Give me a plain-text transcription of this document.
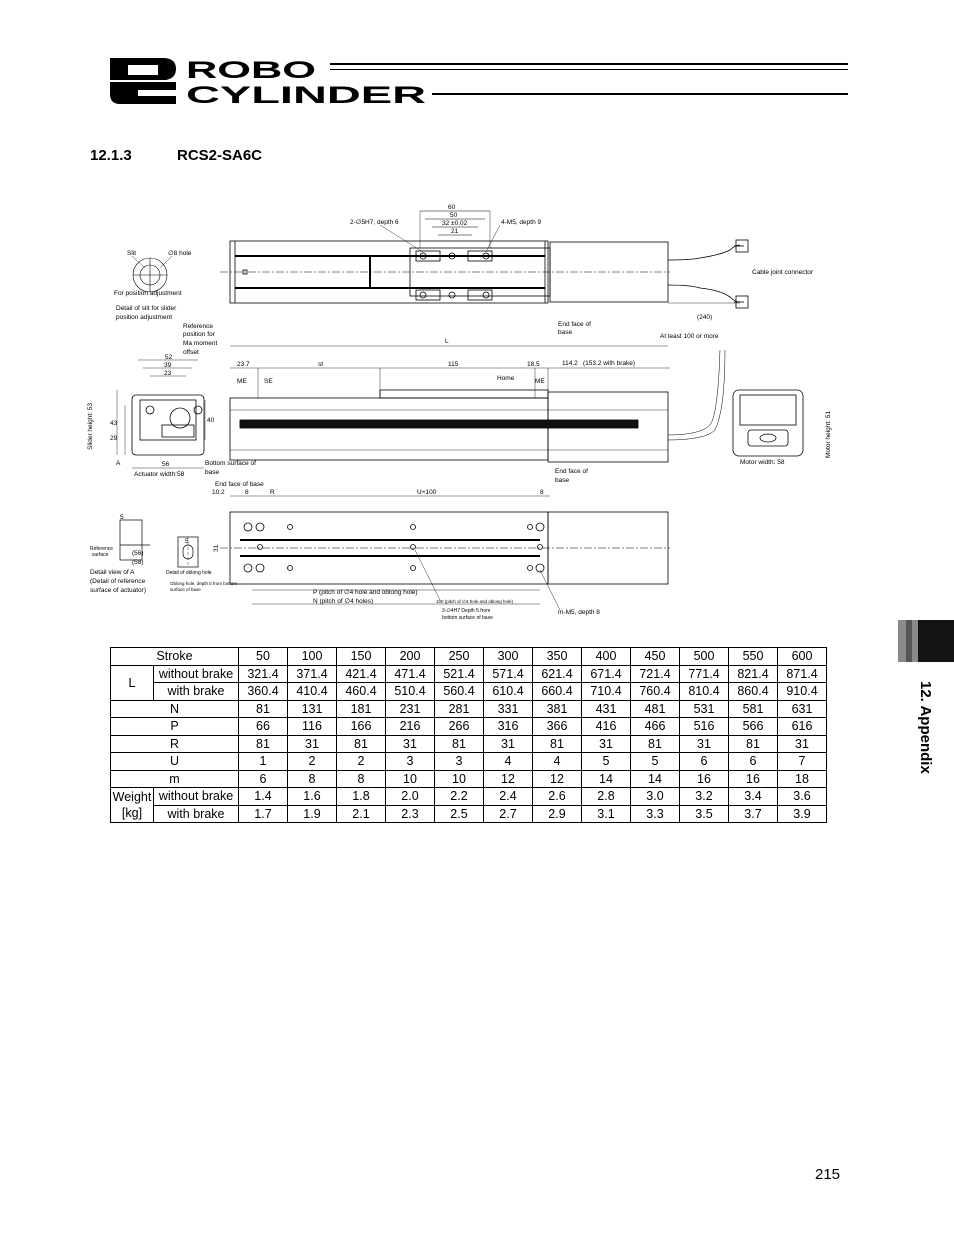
ROBO
CYLINDER
12.1.3	RCS2-SA6C
60
50
32 ±0.02
21
2-∅5H7, depth 6	4-M5, depth 9
Cable joint connector
(240)
Slit	∅8 hole
For position adjustment
Detail of slit for slider
position adjustment
Reference
position for
Ma moment
offset
End face of
base
At least 100 or more
L
23.7	st	115	18.5	114.2 (153.2 with brake)
ME	SE	Home	ME
52
39
23
43
29
40
56
A
Slider height: 53
Actuator width:58
Bottom surface of
base
Motor width: 58
Motor height: 51
End face of
base
End face of base
10.2	8	R	U×100	8
P (pitch of ∅4 hole and oblong hole)
N (pitch of ∅4 holes)	100 (pitch of ∅4 hole and oblong hole)
3-∅4H7 Depth 5 from
bottom surface of base
m-M5, depth 8
5
5
31
(56)
(58)
Reference
surface
Detail view of A
(Detail of reference
surface of actuator)
Detail of oblong hole
Oblong hole, depth 5 from bottom
surface of base
Stroke		50	100	150	200	250	300	350	400	450	500	550	600
L	without brake	321.4	371.4	421.4	471.4	521.4	571.4	621.4	671.4	721.4	771.4	821.4	871.4
	with brake	360.4	410.4	460.4	510.4	560.4	610.4	660.4	710.4	760.4	810.4	860.4	910.4
N		81	131	181	231	281	331	381	431	481	531	581	631
P		66	116	166	216	266	316	366	416	466	516	566	616
R		81	31	81	31	81	31	81	31	81	31	81	31
U		1	2	2	3	3	4	4	5	5	6	6	7
m		6	8	8	10	10	12	12	14	14	16	16	18
Weight
[kg]	without brake	1.4	1.6	1.8	2.0	2.2	2.4	2.6	2.8	3.0	3.2	3.4	3.6
	with brake	1.7	1.9	2.1	2.3	2.5	2.7	2.9	3.1	3.3	3.5	3.7	3.9
12. Appendix
215
